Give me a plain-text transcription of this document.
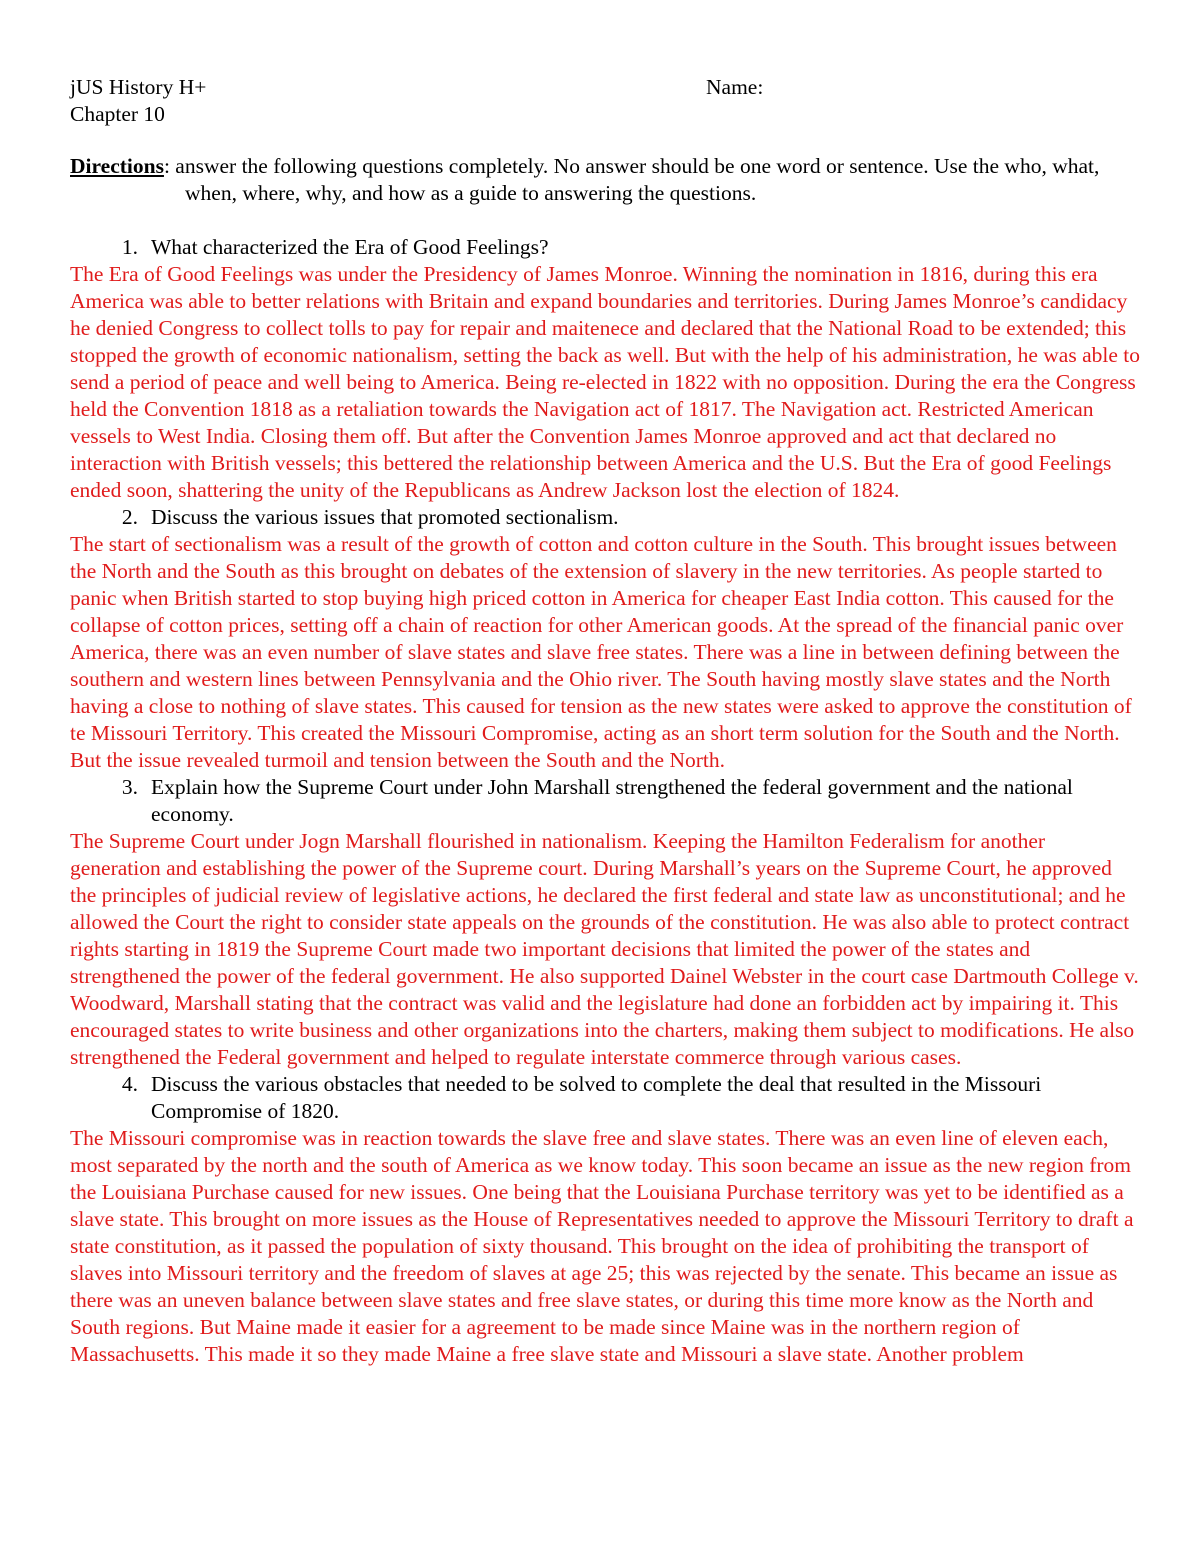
jUS History H+	Name:
Chapter 10
Directions: answer the following questions completely. No answer should be one word or sentence. Use the who, what, when, where, why, and how as a guide to answering the questions.
1. What characterized the Era of Good Feelings?

The Era of Good Feelings was under the Presidency of James Monroe. Winning the nomination in 1816, during this era America was able to better relations with Britain and expand boundaries and territories. During James Monroe’s candidacy he denied Congress to collect tolls to pay for repair and maitenece and declared that the National Road to be extended; this stopped the growth of economic nationalism, setting the back as well. But with the help of his administration, he was able to send a period of peace and well being to America. Being re-elected in 1822 with no opposition. During the era the Congress held the Convention 1818 as a retaliation towards the Navigation act of 1817. The Navigation act. Restricted American vessels to West India. Closing them off. But after the Convention James Monroe approved and act that declared no interaction with British vessels; this bettered the relationship between America and the U.S. But the Era of good Feelings ended soon, shattering the unity of the Republicans as Andrew Jackson lost the election of 1824.

2. Discuss the various issues that promoted sectionalism.

The start of sectionalism was a result of the growth of cotton and cotton culture in the South. This brought issues between the North and the South as this brought on debates of the extension of slavery in the new territories. As people started to panic when British started to stop buying high priced cotton in America for cheaper East India cotton. This caused for the collapse of cotton prices, setting off a chain of reaction for other American goods. At the spread of the financial panic over America, there was an even number of slave states and slave free states. There was a line in between defining between the southern and western lines between Pennsylvania and the Ohio river. The South having mostly slave states and the North having a close to nothing of slave states. This caused for tension as the new states were asked to approve the constitution of te Missouri Territory. This created the Missouri Compromise, acting as an short term solution for the South and the North. But the issue revealed turmoil and tension between the South and the North.

3. Explain how the Supreme Court under John Marshall strengthened the federal government and the national economy.

The Supreme Court under Jogn Marshall flourished in nationalism. Keeping the Hamilton Federalism for another generation and establishing the power of the Supreme court. During Marshall’s years on the Supreme Court, he approved the principles of judicial review of legislative actions, he declared the first federal and state law as unconstitutional; and he allowed the Court the right to consider state appeals on the grounds of the constitution. He was also able to protect contract rights starting in 1819 the Supreme Court made two important decisions that limited the power of the states and strengthened the power of the federal government. He also supported Dainel Webster in the court case Dartmouth College v. Woodward, Marshall stating that the contract was valid and the legislature had done an forbidden act by impairing it. This encouraged states to write business and other organizations into the charters, making them subject to modifications. He also strengthened the Federal government and helped to regulate interstate commerce through various cases.

4. Discuss the various obstacles that needed to be solved to complete the deal that resulted in the Missouri Compromise of 1820.

The Missouri compromise was in reaction towards the slave free and slave states. There was an even line of eleven each, most separated by the north and the south of America as we know today. This soon became an issue as the new region from the Louisiana Purchase caused for new issues. One being that the Louisiana Purchase territory was yet to be identified as a slave state. This brought on more issues as the House of Representatives needed to approve the Missouri Territory to draft a state constitution, as it passed the population of sixty thousand. This brought on the idea of prohibiting the transport of slaves into Missouri territory and the freedom of slaves at age 25; this was rejected by the senate. This became an issue as there was an uneven balance between slave states and free slave states, or during this time more know as the North and South regions. But Maine made it easier for a agreement to be made since Maine was in the northern region of Massachusetts. This made it so they made Maine a free slave state and Missouri a slave state. Another problem
